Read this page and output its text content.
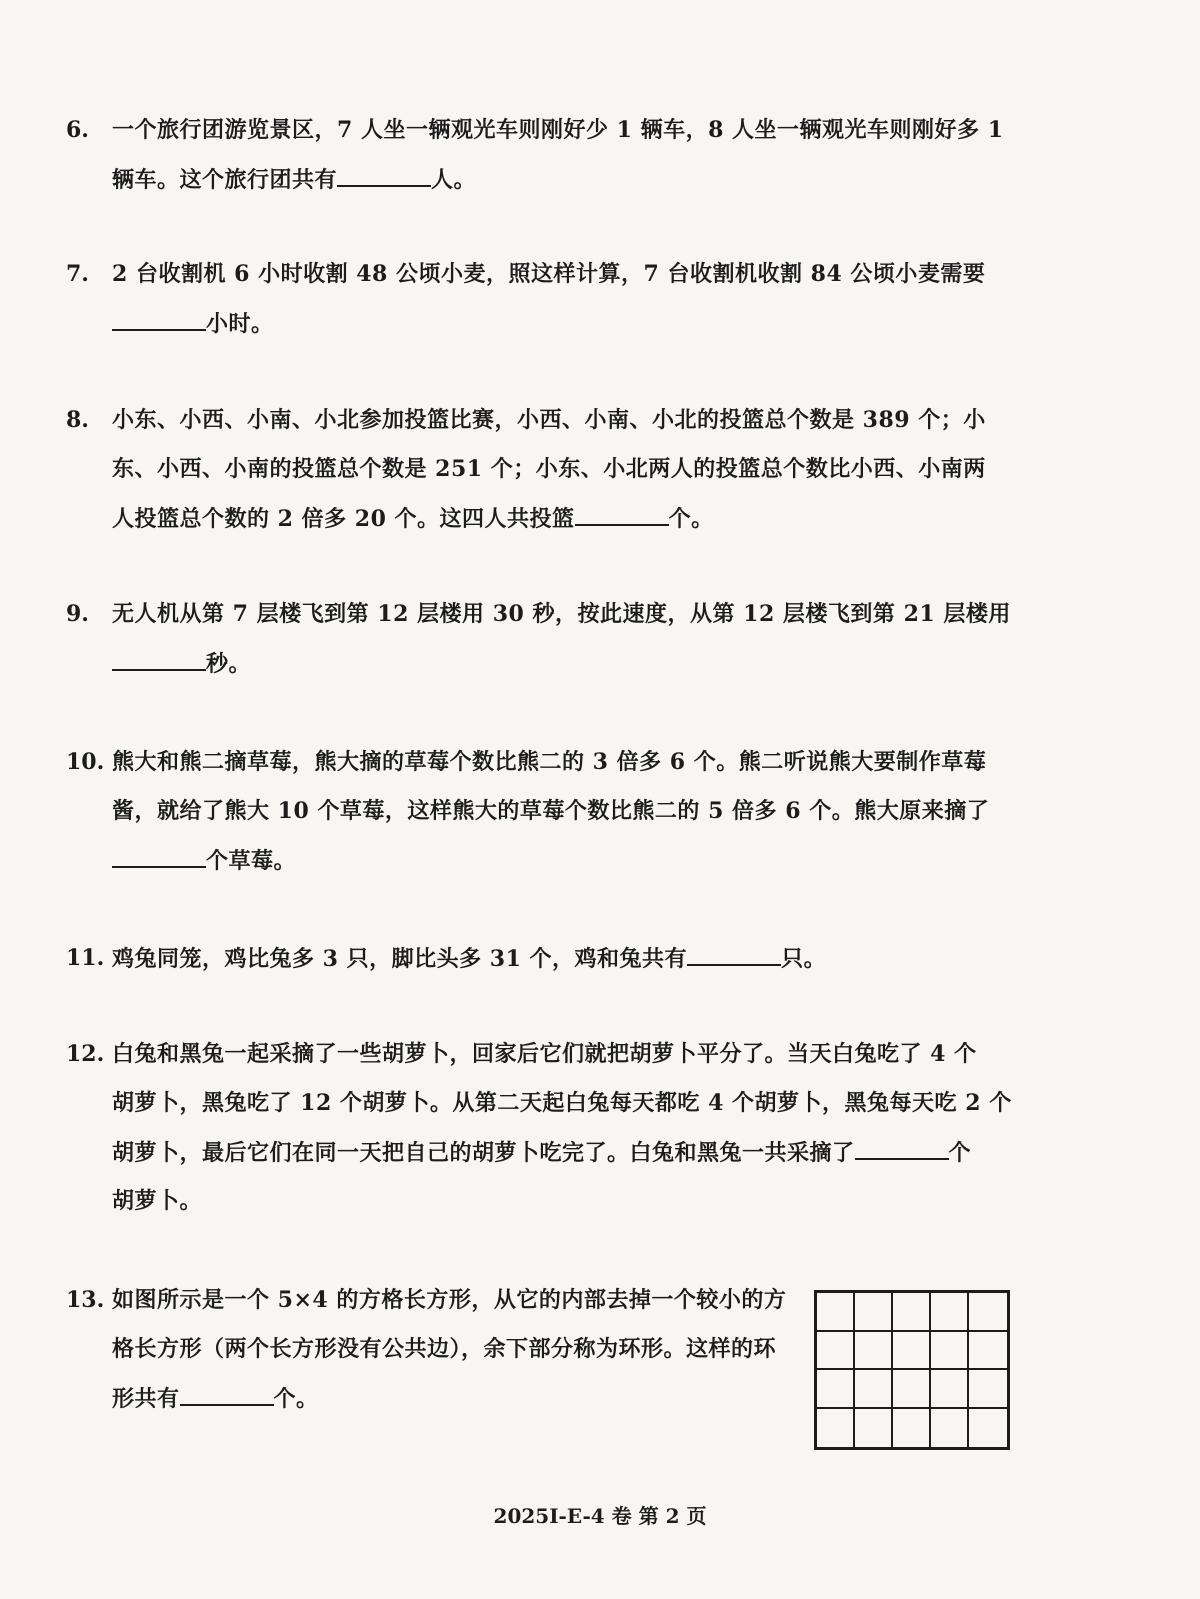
6. 一个旅行团游览景区，7 人坐一辆观光车则刚好少 1 辆车，8 人坐一辆观光车则刚好多 1
辆车。这个旅行团共有	人。
7. 2 台收割机 6 小时收割 48 公顷小麦，照这样计算，7 台收割机收割 84 公顷小麦需要
小时。
8. 小东、小西、小南、小北参加投篮比赛，小西、小南、小北的投篮总个数是 389 个；小
东、小西、小南的投篮总个数是 251 个；小东、小北两人的投篮总个数比小西、小南两
人投篮总个数的 2 倍多 20 个。这四人共投篮	个。
9. 无人机从第 7 层楼飞到第 12 层楼用 30 秒，按此速度，从第 12 层楼飞到第 21 层楼用
秒。
10. 熊大和熊二摘草莓，熊大摘的草莓个数比熊二的 3 倍多 6 个。熊二听说熊大要制作草莓
酱，就给了熊大 10 个草莓，这样熊大的草莓个数比熊二的 5 倍多 6 个。熊大原来摘了
个草莓。
11. 鸡兔同笼，鸡比兔多 3 只，脚比头多 31 个，鸡和兔共有	只。
12. 白兔和黑兔一起采摘了一些胡萝卜，回家后它们就把胡萝卜平分了。当天白兔吃了 4 个
胡萝卜，黑兔吃了 12 个胡萝卜。从第二天起白兔每天都吃 4 个胡萝卜，黑兔每天吃 2 个
胡萝卜，最后它们在同一天把自己的胡萝卜吃完了。白兔和黑兔一共采摘了	个
胡萝卜。
13. 如图所示是一个 5×4 的方格长方形，从它的内部去掉一个较小的方
格长方形（两个长方形没有公共边），余下部分称为环形。这样的环
形共有	个。
2025I-E-4 卷 第 2 页
